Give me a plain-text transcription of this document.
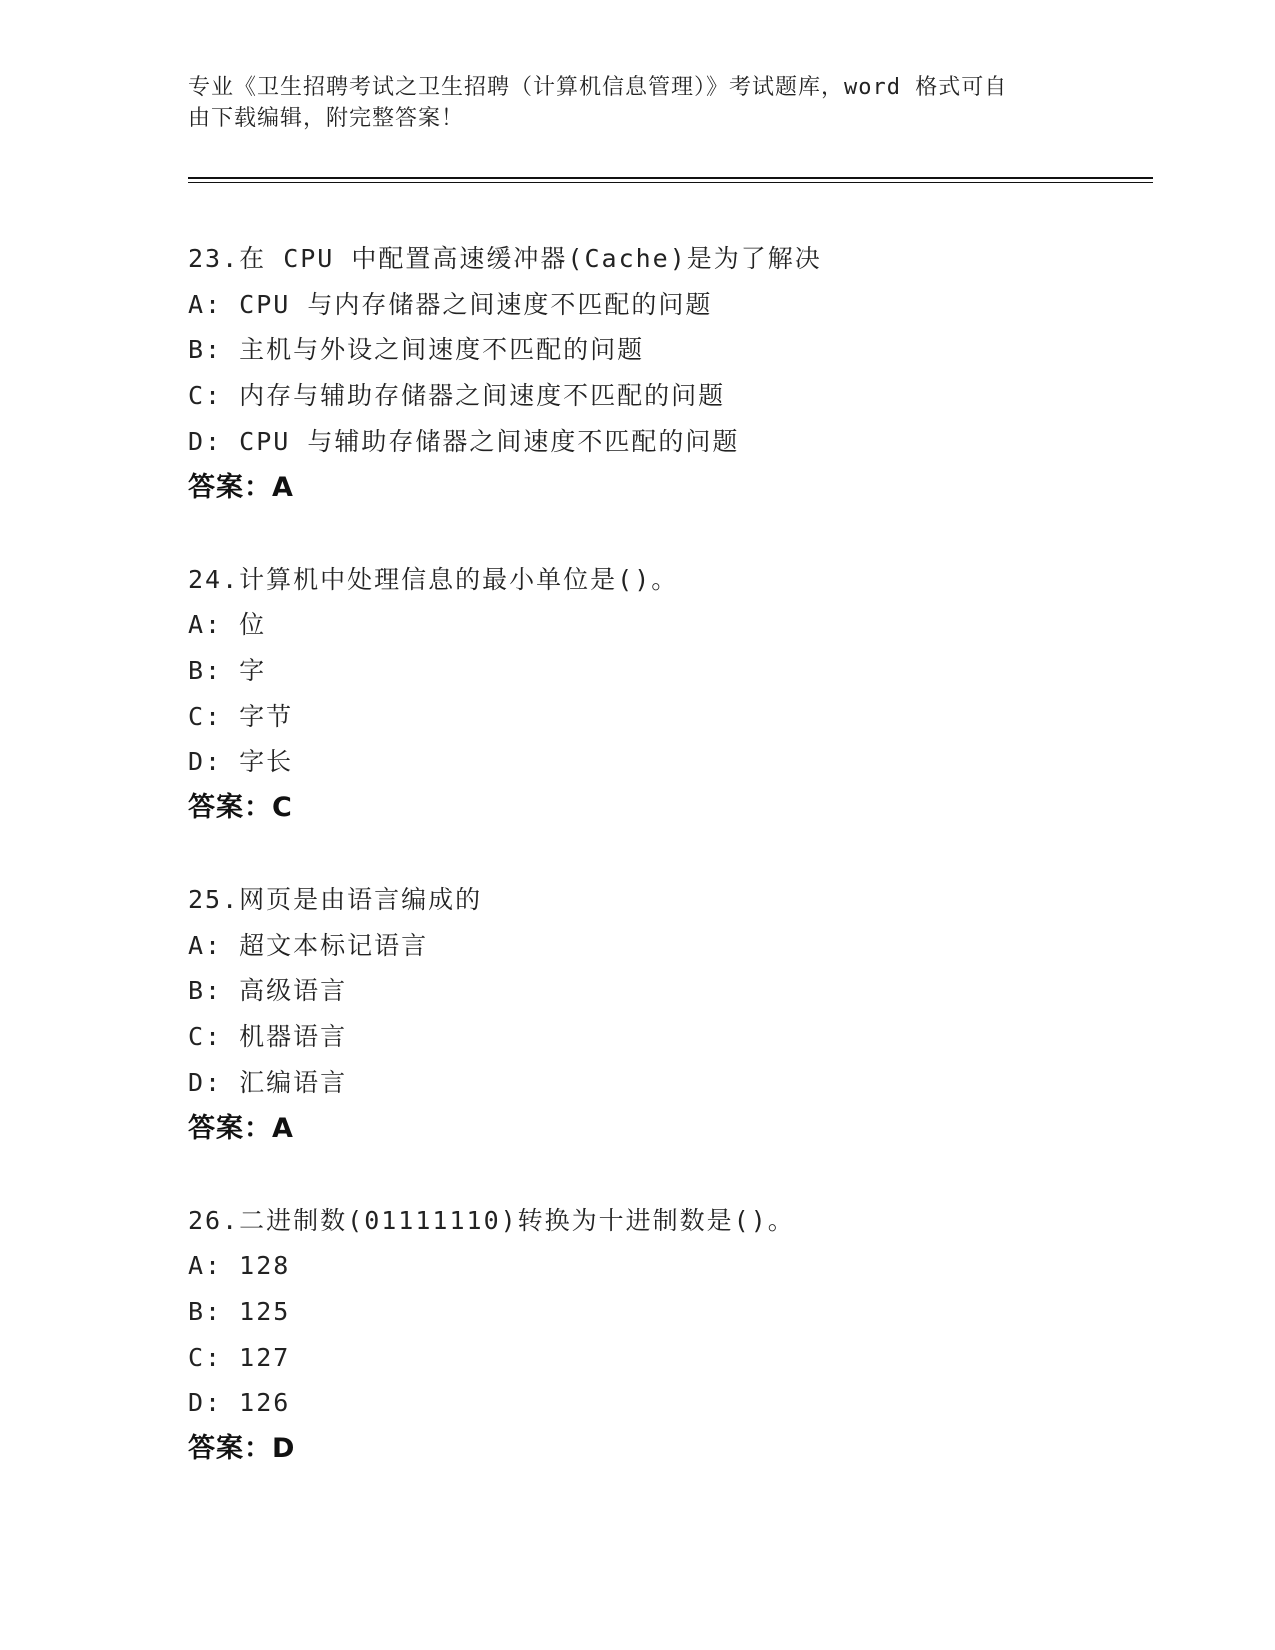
专业《卫生招聘考试之卫生招聘（计算机信息管理）》考试题库，word 格式可自
由下载编辑，附完整答案！
23.在 CPU 中配置高速缓冲器(Cache)是为了解决
A: CPU 与内存储器之间速度不匹配的问题
B: 主机与外设之间速度不匹配的问题
C: 内存与辅助存储器之间速度不匹配的问题
D: CPU 与辅助存储器之间速度不匹配的问题
答案：A
24.计算机中处理信息的最小单位是()。
A: 位
B: 字
C: 字节
D: 字长
答案：C
25.网页是由语言编成的
A: 超文本标记语言
B: 高级语言
C: 机器语言
D: 汇编语言
答案：A
26.二进制数(01111110)转换为十进制数是()。
A: 128
B: 125
C: 127
D: 126
答案：D
